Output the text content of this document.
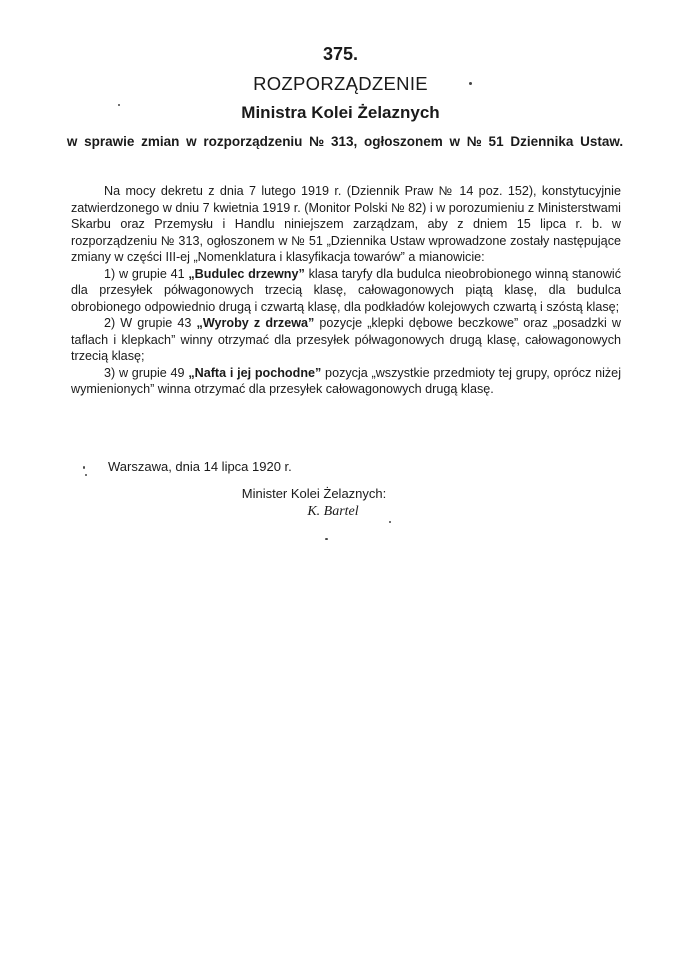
375.
ROZPORZĄDZENIE
Ministra Kolei Żelaznych
w sprawie zmian w rozporządzeniu № 313, ogłoszonem w № 51 Dziennika Ustaw.

Na mocy dekretu z dnia 7 lutego 1919 r. (Dziennik Praw № 14 poz. 152), konstytucyjnie zatwierdzonego w dniu 7 kwietnia 1919 r. (Monitor Polski № 82) i w porozumieniu z Ministerstwami Skarbu oraz Przemysłu i Handlu niniejszem zarządzam, aby z dniem 15 lipca r. b. w rozporządzeniu № 313, ogłoszonem w № 51 „Dziennika Ustaw wprowadzone zostały następujące zmiany w części III-ej „Nomenklatura i klasyfikacja towarów” a mianowicie:

1) w grupie 41 „Budulec drzewny” klasa taryfy dla budulca nieobrobionego winną stanowić dla przesyłek półwagonowych trzecią klasę, całowagonowych piątą klasę, dla budulca obrobionego odpowiednio drugą i czwartą klasę, dla podkładów kolejowych czwartą i szóstą klasę;

2) W grupie 43 „Wyroby z drzewa” pozycje „klepki dębowe beczkowe” oraz „posadzki w taflach i klepkach” winny otrzymać dla przesyłek półwagonowych drugą klasę, całowagonowych trzecią klasę;

3) w grupie 49 „Nafta i jej pochodne” pozycja „wszystkie przedmioty tej grupy, oprócz niżej wymienionych” winna otrzymać dla przesyłek całowagonowych drugą klasę.

Warszawa, dnia 14 lipca 1920 r.
Minister Kolei Żelaznych:
K. Bartel
